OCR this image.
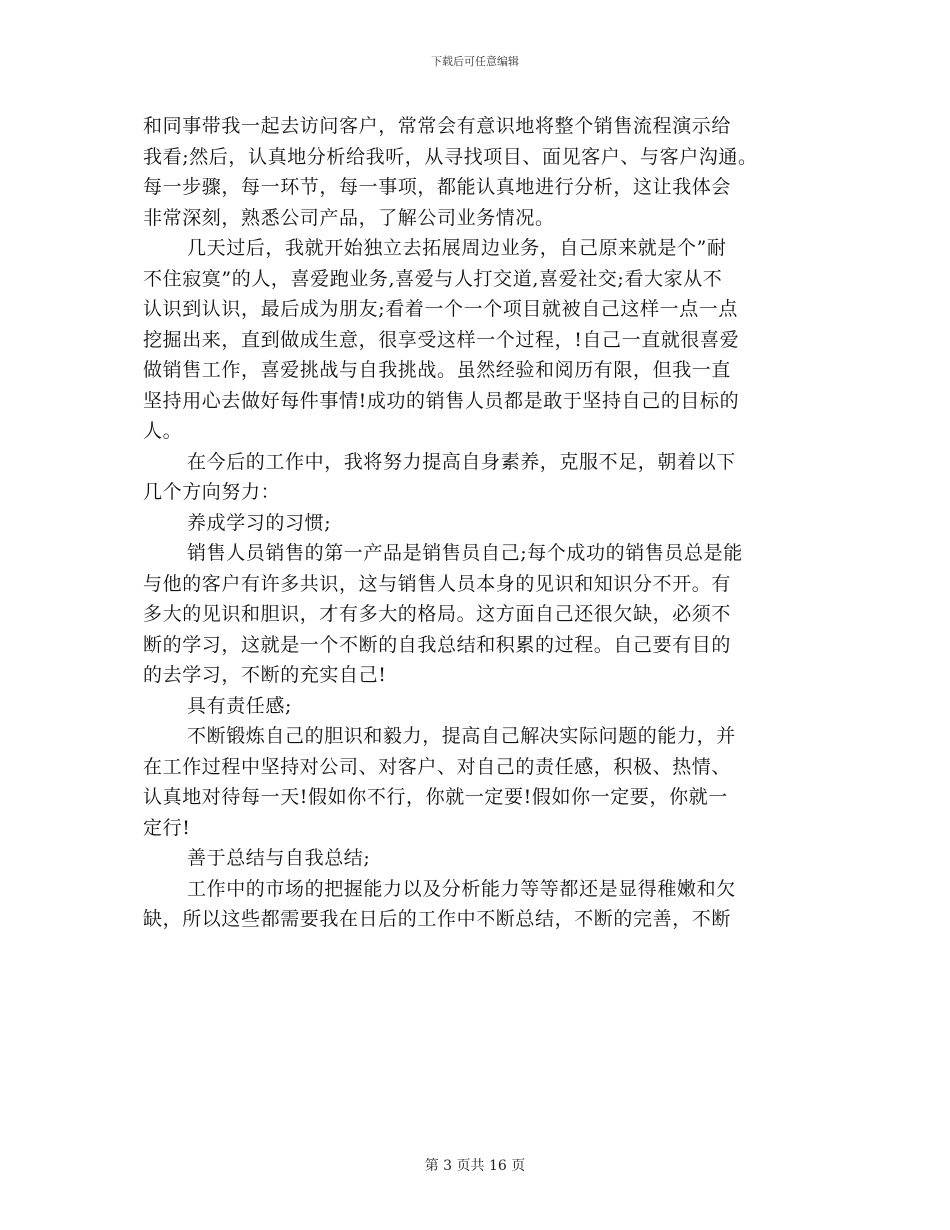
下载后可任意编辑
和同事带我一起去访问客户，常常会有意识地将整个销售流程演示给
我看;然后，认真地分析给我听，从寻找项目、面见客户、与客户沟通。
每一步骤，每一环节，每一事项，都能认真地进行分析，这让我体会
非常深刻，熟悉公司产品，了解公司业务情况。
几天过后，我就开始独立去拓展周边业务，自己原来就是个”耐
不住寂寞”的人，喜爱跑业务,喜爱与人打交道,喜爱社交;看大家从不
认识到认识，最后成为朋友;看着一个一个项目就被自己这样一点一点
挖掘出来，直到做成生意，很享受这样一个过程，!自己一直就很喜爱
做销售工作，喜爱挑战与自我挑战。虽然经验和阅历有限，但我一直
坚持用心去做好每件事情!成功的销售人员都是敢于坚持自己的目标的
人。
在今后的工作中，我将努力提高自身素养，克服不足，朝着以下
几个方向努力：
养成学习的习惯;
销售人员销售的第一产品是销售员自己;每个成功的销售员总是能
与他的客户有许多共识，这与销售人员本身的见识和知识分不开。有
多大的见识和胆识，才有多大的格局。这方面自己还很欠缺，必须不
断的学习，这就是一个不断的自我总结和积累的过程。自己要有目的
的去学习，不断的充实自己!
具有责任感;
不断锻炼自己的胆识和毅力，提高自己解决实际问题的能力，并
在工作过程中坚持对公司、对客户、对自己的责任感，积极、热情、
认真地对待每一天!假如你不行，你就一定要!假如你一定要，你就一
定行!
善于总结与自我总结;
工作中的市场的把握能力以及分析能力等等都还是显得稚嫩和欠
缺，所以这些都需要我在日后的工作中不断总结，不断的完善，不断
第 3 页共 16 页
